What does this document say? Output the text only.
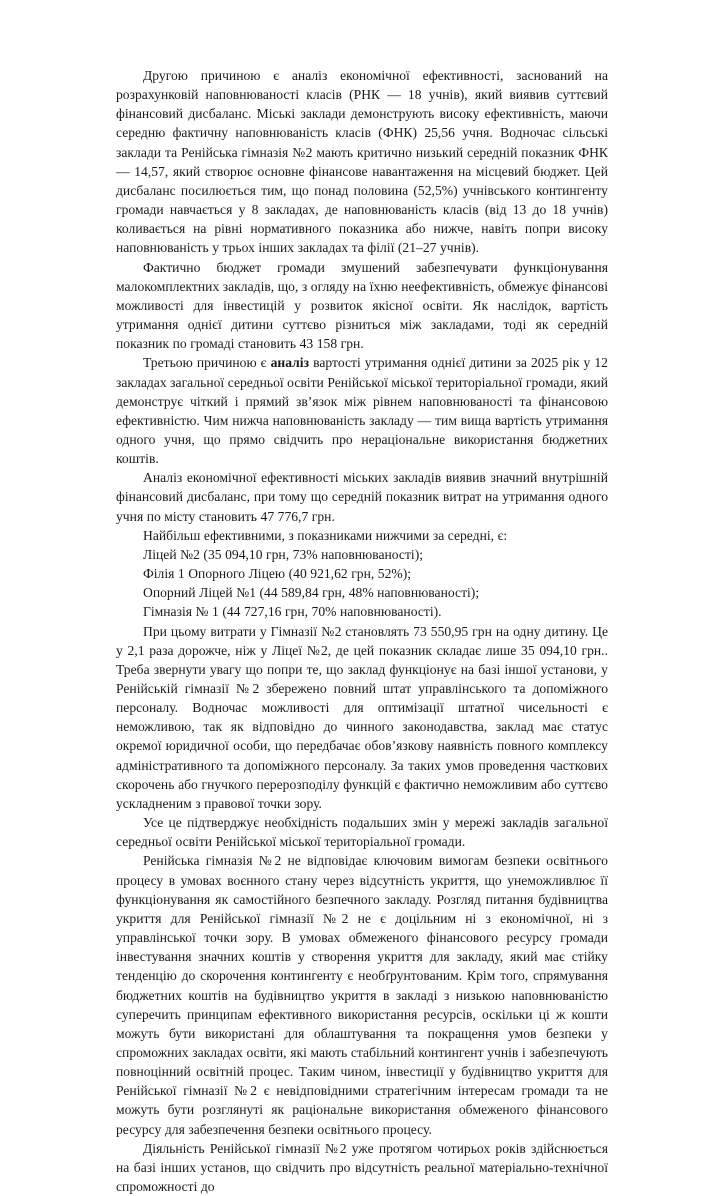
Другою причиною є аналіз економічної ефективності, заснований на розрахунковій наповнюваності класів (РНК — 18 учнів), який виявив суттєвий фінансовий дисбаланс. Міські заклади демонструють високу ефективність, маючи середню фактичну наповнюваність класів (ФНК) 25,56 учня. Водночас сільські заклади та Ренійська гімназія №2 мають критично низький середній показник ФНК — 14,57, який створює основне фінансове навантаження на місцевий бюджет. Цей дисбаланс посилюється тим, що понад половина (52,5%) учнівського контингенту громади навчається у 8 закладах, де наповнюваність класів (від 13 до 18 учнів) коливається на рівні нормативного показника або нижче, навіть попри високу наповнюваність у трьох інших закладах та філії (21–27 учнів).

Фактично бюджет громади змушений забезпечувати функціонування малокомплектних закладів, що, з огляду на їхню неефективність, обмежує фінансові можливості для інвестицій у розвиток якісної освіти. Як наслідок, вартість утримання однієї дитини суттєво різниться між закладами, тоді як середній показник по громаді становить 43 158 грн.

Третьою причиною є аналіз вартості утримання однієї дитини за 2025 рік у 12 закладах загальної середньої освіти Ренійської міської територіальної громади, який демонструє чіткий і прямий зв’язок між рівнем наповнюваності та фінансовою ефективністю. Чим нижча наповнюваність закладу — тим вища вартість утримання одного учня, що прямо свідчить про нераціональне використання бюджетних коштів.

Аналіз економічної ефективності міських закладів виявив значний внутрішній фінансовий дисбаланс, при тому що середній показник витрат на утримання одного учня по місту становить 47 776,7 грн.

Найбільш ефективними, з показниками нижчими за середні, є:

Ліцей №2 (35 094,10 грн, 73% наповнюваності);

Філія 1 Опорного Ліцею (40 921,62 грн, 52%);

Опорний Ліцей №1 (44 589,84 грн, 48% наповнюваності);

Гімназія № 1 (44 727,16 грн, 70% наповнюваності).

При цьому витрати у Гімназії №2 становлять 73 550,95 грн на одну дитину. Це у 2,1 раза дорожче, ніж у Ліцеї №2, де цей показник складає лише 35 094,10 грн.. Треба звернути увагу що попри те, що заклад функціонує на базі іншої установи, у Ренійській гімназії №2 збережено повний штат управлінського та допоміжного персоналу. Водночас можливості для оптимізації штатної чисельності є неможливою, так як відповідно до чинного законодавства, заклад має статус окремої юридичної особи, що передбачає обов’язкову наявність повного комплексу адміністративного та допоміжного персоналу. За таких умов проведення часткових скорочень або гнучкого перерозподілу функцій є фактично неможливим або суттєво ускладненим з правової точки зору.

Усе це підтверджує необхідність подальших змін у мережі закладів загальної середньої освіти Ренійської міської територіальної громади.

Ренійська гімназія №2 не відповідає ключовим вимогам безпеки освітнього процесу в умовах воєнного стану через відсутність укриття, що унеможливлює її функціонування як самостійного безпечного закладу. Розгляд питання будівництва укриття для Ренійської гімназії №2 не є доцільним ні з економічної, ні з управлінської точки зору. В умовах обмеженого фінансового ресурсу громади інвестування значних коштів у створення укриття для закладу, який має стійку тенденцію до скорочення контингенту є необґрунтованим. Крім того, спрямування бюджетних коштів на будівництво укриття в закладі з низькою наповнюваністю суперечить принципам ефективного використання ресурсів, оскільки ці ж кошти можуть бути використані для облаштування та покращення умов безпеки у спроможних закладах освіти, які мають стабільний контингент учнів і забезпечують повноцінний освітній процес. Таким чином, інвестиції у будівництво укриття для Ренійської гімназії №2 є невідповідними стратегічним інтересам громади та не можуть бути розглянуті як раціональне використання обмеженого фінансового ресурсу для забезпечення безпеки освітнього процесу.

Діяльність Ренійської гімназії №2 уже протягом чотирьох років здійснюється на базі інших установ, що свідчить про відсутність реальної матеріально-технічної спроможності до
